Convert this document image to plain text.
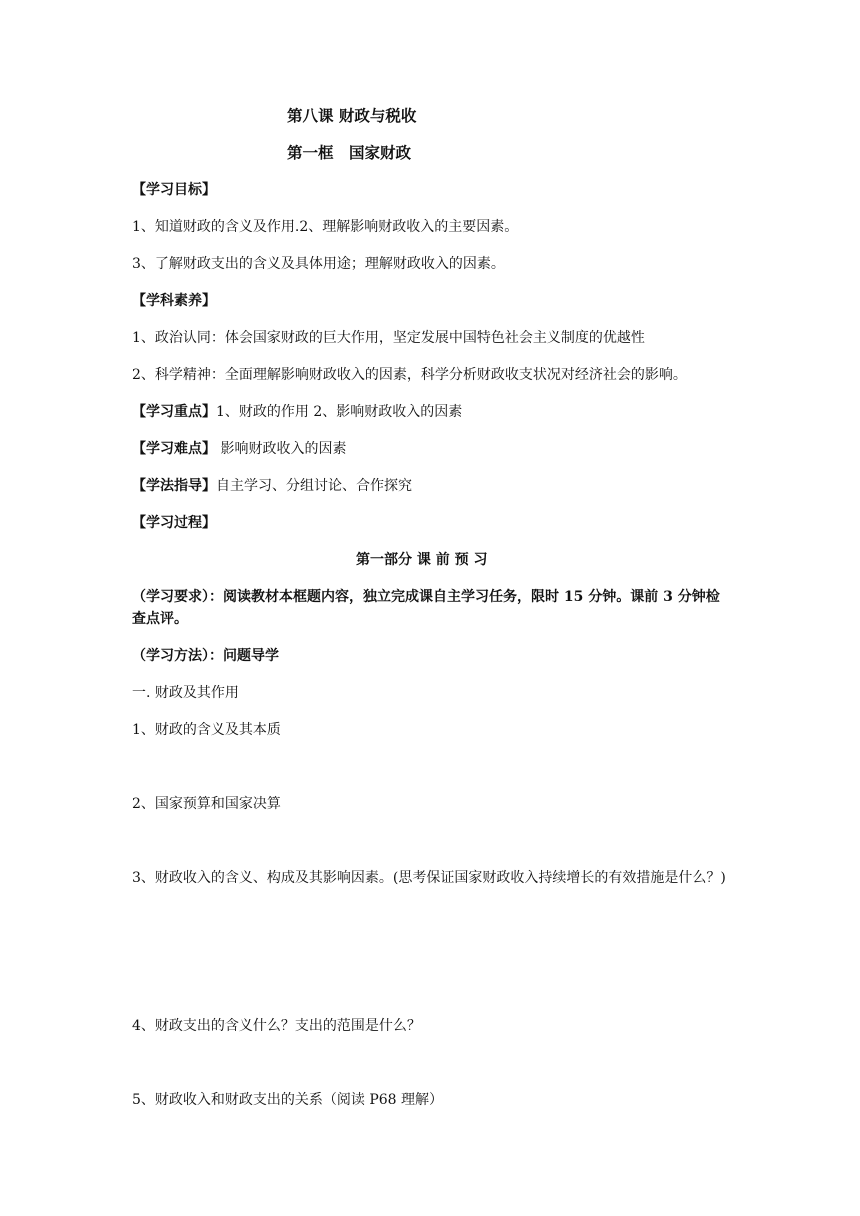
第八课 财政与税收
第一框　国家财政
【学习目标】
1、知道财政的含义及作用.2、理解影响财政收入的主要因素。
3、了解财政支出的含义及具体用途；理解财政收入的因素。
【学科素养】
1、政治认同：体会国家财政的巨大作用，坚定发展中国特色社会主义制度的优越性
2、科学精神：全面理解影响财政收入的因素，科学分析财政收支状况对经济社会的影响。
【学习重点】1、财政的作用 2、影响财政收入的因素
【学习难点】 影响财政收入的因素
【学法指导】自主学习、分组讨论、合作探究
【学习过程】
第一部分 课 前 预 习
（学习要求）：阅读教材本框题内容，独立完成课自主学习任务，限时 15 分钟。课前 3 分钟检查点评。
（学习方法）：问题导学
一. 财政及其作用
1、财政的含义及其本质
2、国家预算和国家决算
3、财政收入的含义、构成及其影响因素。(思考保证国家财政收入持续增长的有效措施是什么？)
4、财政支出的含义什么？支出的范围是什么？
5、财政收入和财政支出的关系（阅读 P68 理解）
